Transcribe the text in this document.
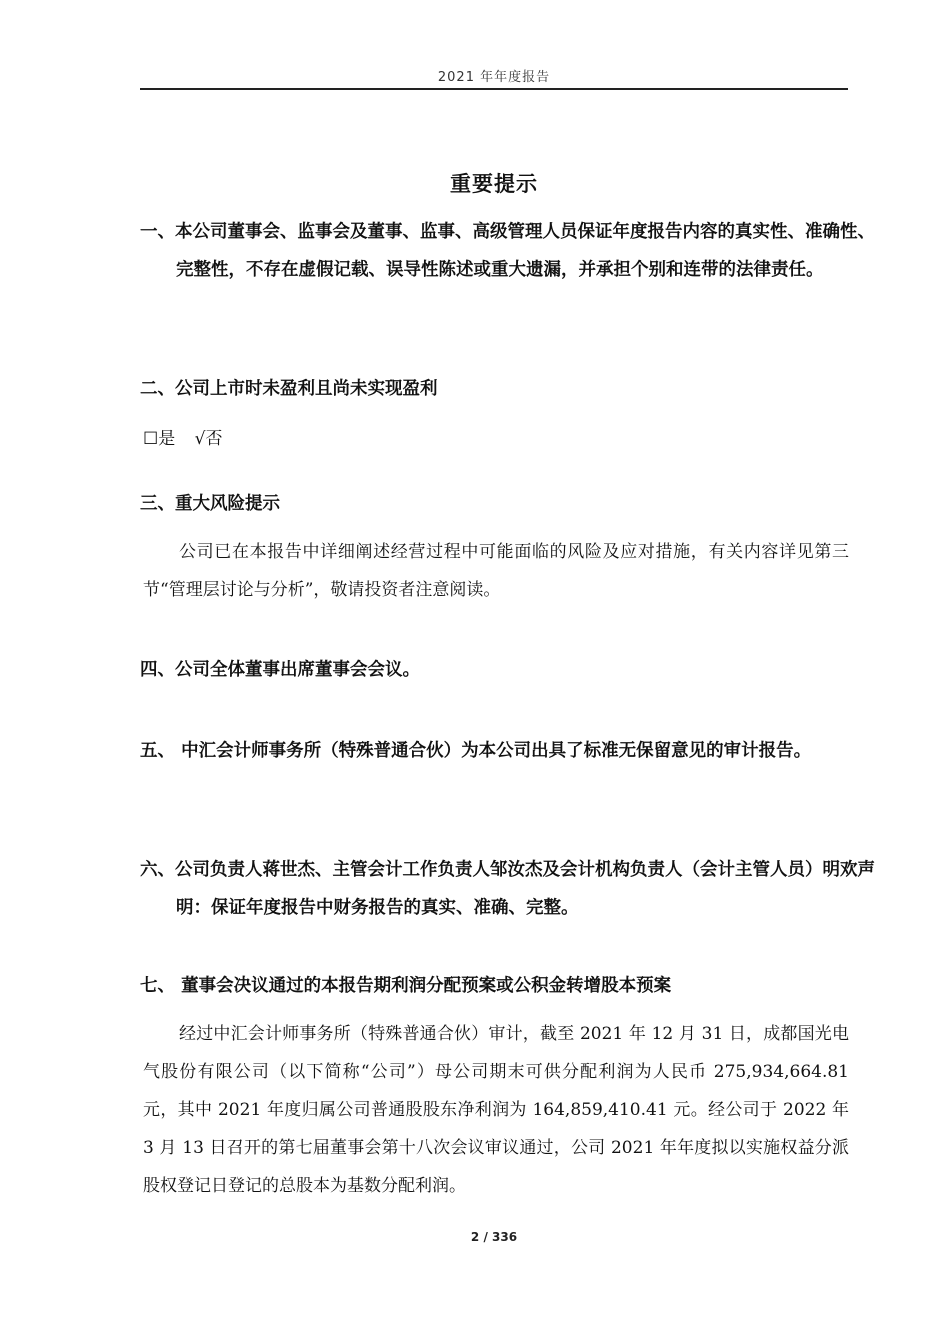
2021 年年度报告
重要提示
一、本公司董事会、监事会及董事、监事、高级管理人员保证年度报告内容的真实性、准确性、完整性，不存在虚假记载、误导性陈述或重大遗漏，并承担个别和连带的法律责任。
二、公司上市时未盈利且尚未实现盈利
☐是 √否
三、重大风险提示
公司已在本报告中详细阐述经营过程中可能面临的风险及应对措施，有关内容详见第三节“管理层讨论与分析”，敬请投资者注意阅读。
四、公司全体董事出席董事会会议。
五、 中汇会计师事务所（特殊普通合伙）为本公司出具了标准无保留意见的审计报告。
六、公司负责人蒋世杰、主管会计工作负责人邹汝杰及会计机构负责人（会计主管人员）明欢声明：保证年度报告中财务报告的真实、准确、完整。
七、 董事会决议通过的本报告期利润分配预案或公积金转增股本预案
经过中汇会计师事务所（特殊普通合伙）审计，截至 2021 年 12 月 31 日，成都国光电气股份有限公司（以下简称“公司”）母公司期末可供分配利润为人民币 275,934,664.81 元，其中 2021 年度归属公司普通股股东净利润为 164,859,410.41 元。经公司于 2022 年 3 月 13 日召开的第七届董事会第十八次会议审议通过，公司 2021 年年度拟以实施权益分派股权登记日登记的总股本为基数分配利润。
2 / 336
